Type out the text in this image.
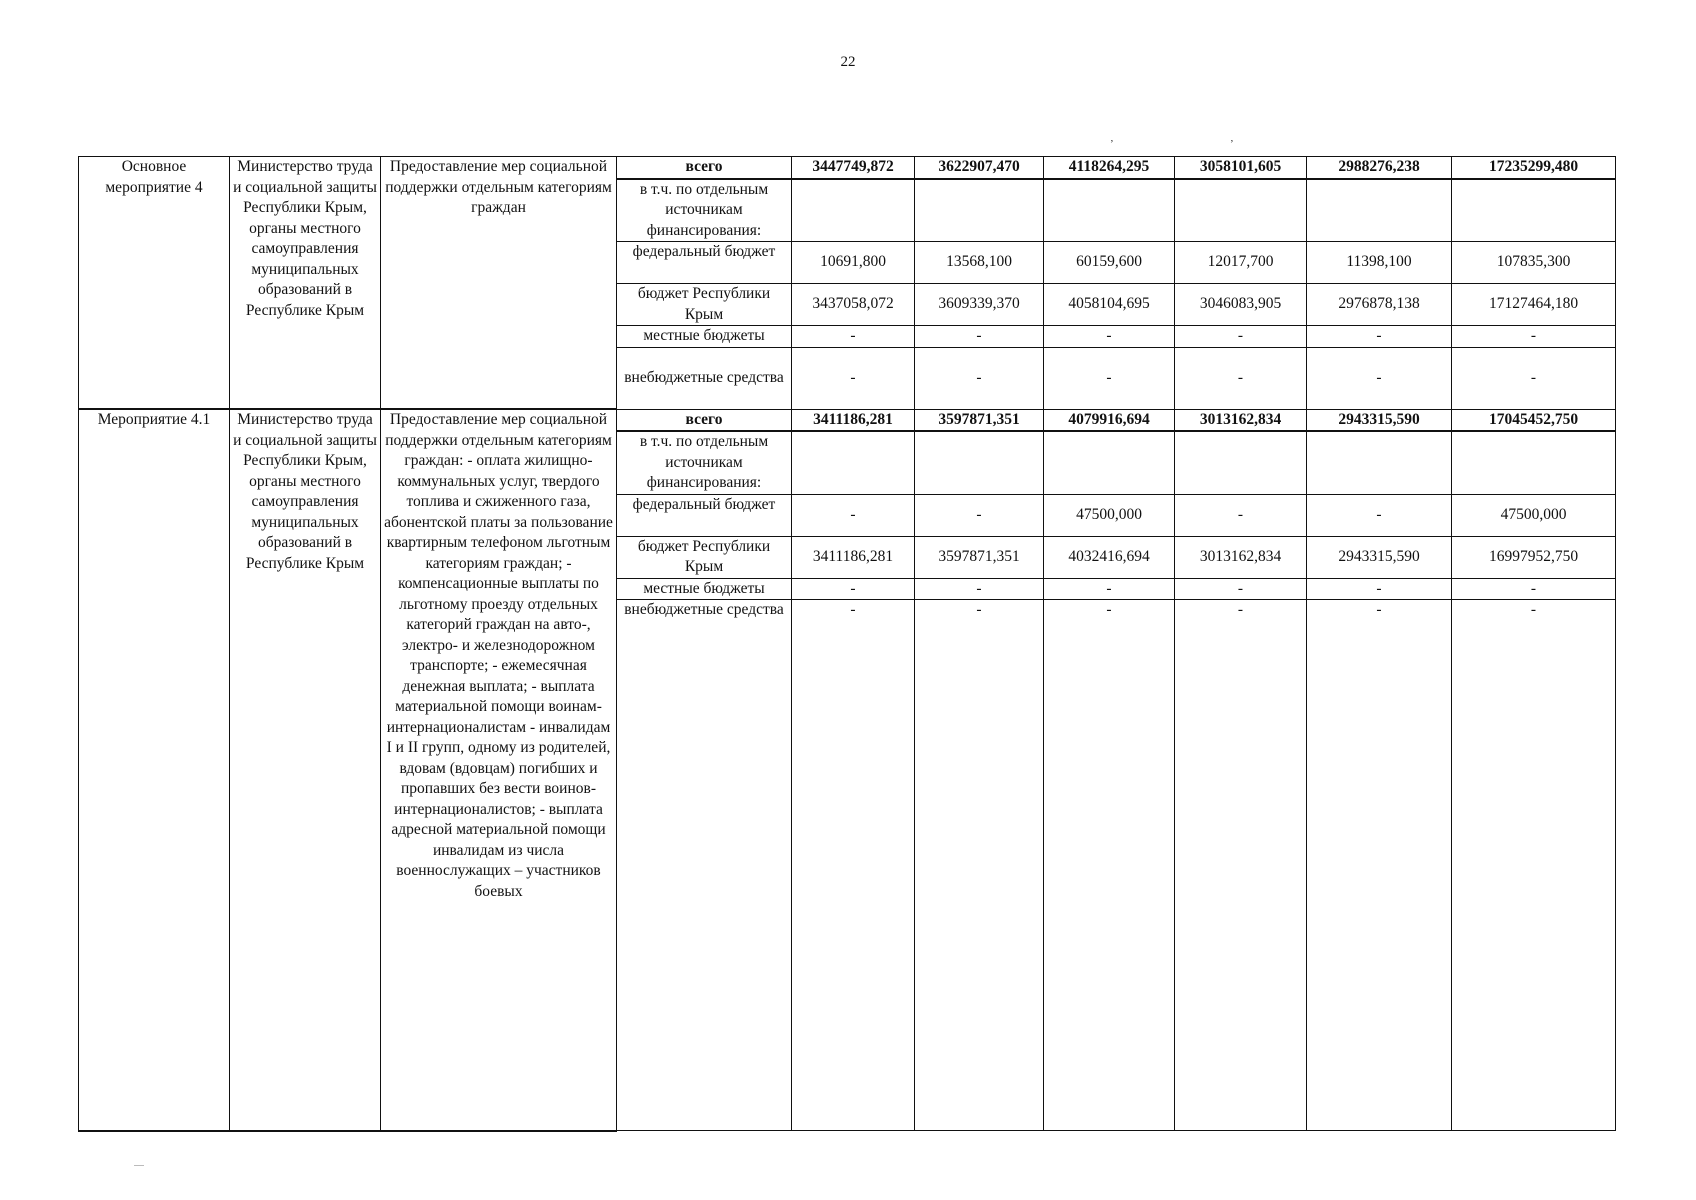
22
ʼ	ʼ
Основное мероприятие 4	Министерство труда и социальной защиты Республики Крым, органы местного самоуправления муниципальных образований в Республике Крым	Предоставление мер социальной поддержки отдельным категориям граждан	всего	3447749,872	3622907,470	4118264,295	3058101,605	2988276,238	17235299,480
			в т.ч. по отдельным источникам финансирования:						
			федеральный бюджет	10691,800	13568,100	60159,600	12017,700	11398,100	107835,300
			бюджет Республики Крым	3437058,072	3609339,370	4058104,695	3046083,905	2976878,138	17127464,180
			местные бюджеты	-	-	-	-	-	-
			внебюджетные средства	-	-	-	-	-	-
Мероприятие 4.1	Министерство труда и социальной защиты Республики Крым, органы местного самоуправления муниципальных образований в Республике Крым	Предоставление мер социальной поддержки отдельным категориям граждан: - оплата жилищно-коммунальных услуг, твердого топлива и сжиженного газа, абонентской платы за пользование квартирным телефоном льготным категориям граждан; - компенсационные выплаты по льготному проезду отдельных категорий граждан на авто-, электро- и железнодорожном транспорте; - ежемесячная денежная выплата; - выплата материальной помощи воинам-интернационалистам - инвалидам I и II групп, одному из родителей, вдовам (вдовцам) погибших и пропавших без вести воинов-интернационалистов; - выплата адресной материальной помощи инвалидам из числа военнослужащих – участников боевых	всего	3411186,281	3597871,351	4079916,694	3013162,834	2943315,590	17045452,750
			в т.ч. по отдельным источникам финансирования:						
			федеральный бюджет	-	-	47500,000	-	-	47500,000
			бюджет Республики Крым	3411186,281	3597871,351	4032416,694	3013162,834	2943315,590	16997952,750
			местные бюджеты	-	-	-	-	-	-
			внебюджетные средства	-	-	-	-	-	-
